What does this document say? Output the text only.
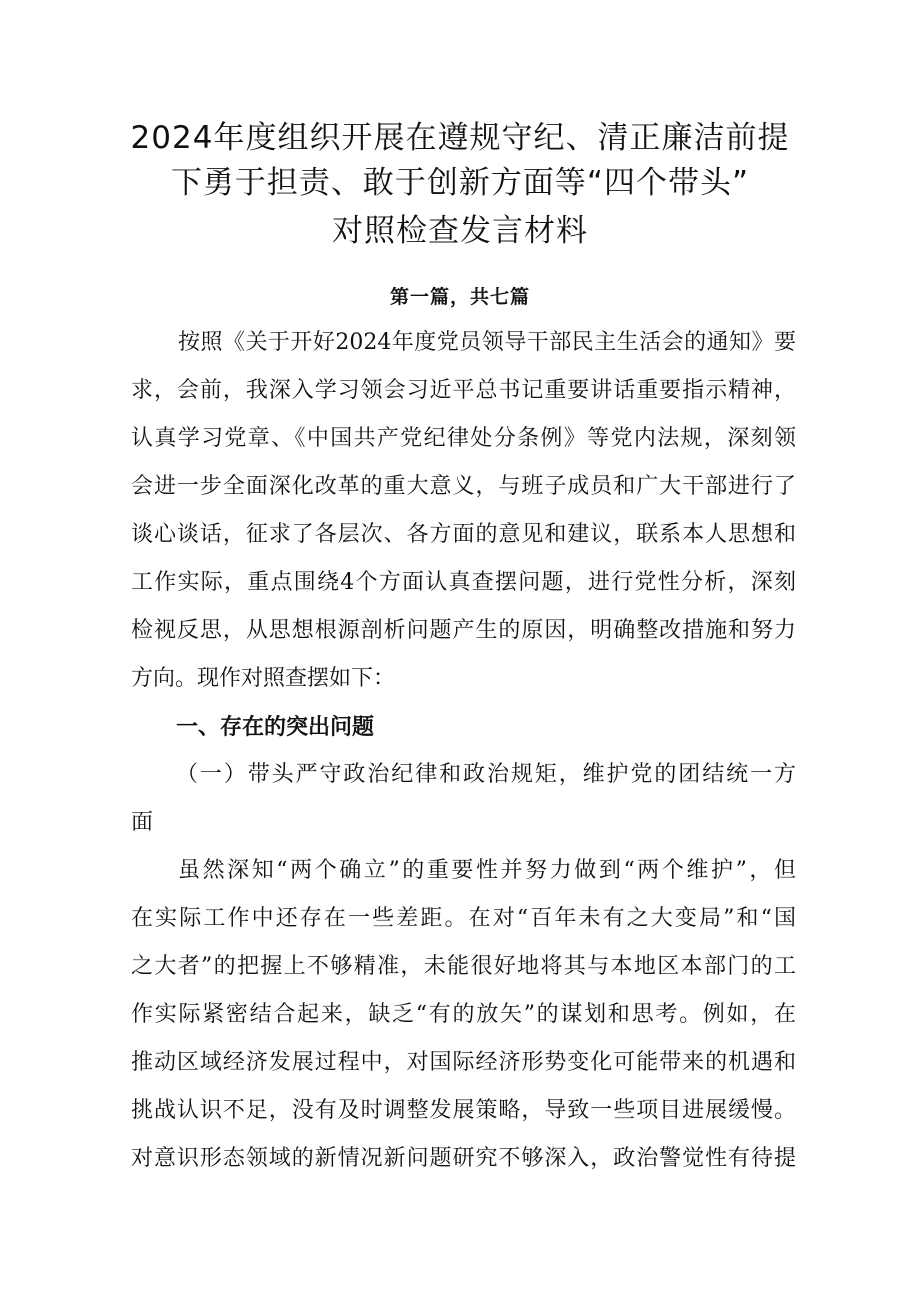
2024年度组织开展在遵规守纪、清正廉洁前提
下勇于担责、敢于创新方面等“四个带头”
对照检查发言材料
第一篇，共七篇
按照《关于开好2024年度党员领导干部民主生活会的通知》要
求，会前，我深入学习领会习近平总书记重要讲话重要指示精神，
认真学习党章、《中国共产党纪律处分条例》等党内法规，深刻领
会进一步全面深化改革的重大意义，与班子成员和广大干部进行了
谈心谈话，征求了各层次、各方面的意见和建议，联系本人思想和
工作实际，重点围绕4个方面认真查摆问题，进行党性分析，深刻
检视反思，从思想根源剖析问题产生的原因，明确整改措施和努力
方向。现作对照查摆如下：
一、存在的突出问题
（一）带头严守政治纪律和政治规矩，维护党的团结统一方
面
虽然深知“两个确立”的重要性并努力做到“两个维护”，但
在实际工作中还存在一些差距。在对“百年未有之大变局”和“国
之大者”的把握上不够精准，未能很好地将其与本地区本部门的工
作实际紧密结合起来，缺乏“有的放矢”的谋划和思考。例如，在
推动区域经济发展过程中，对国际经济形势变化可能带来的机遇和
挑战认识不足，没有及时调整发展策略，导致一些项目进展缓慢。
对意识形态领域的新情况新问题研究不够深入，政治警觉性有待提
